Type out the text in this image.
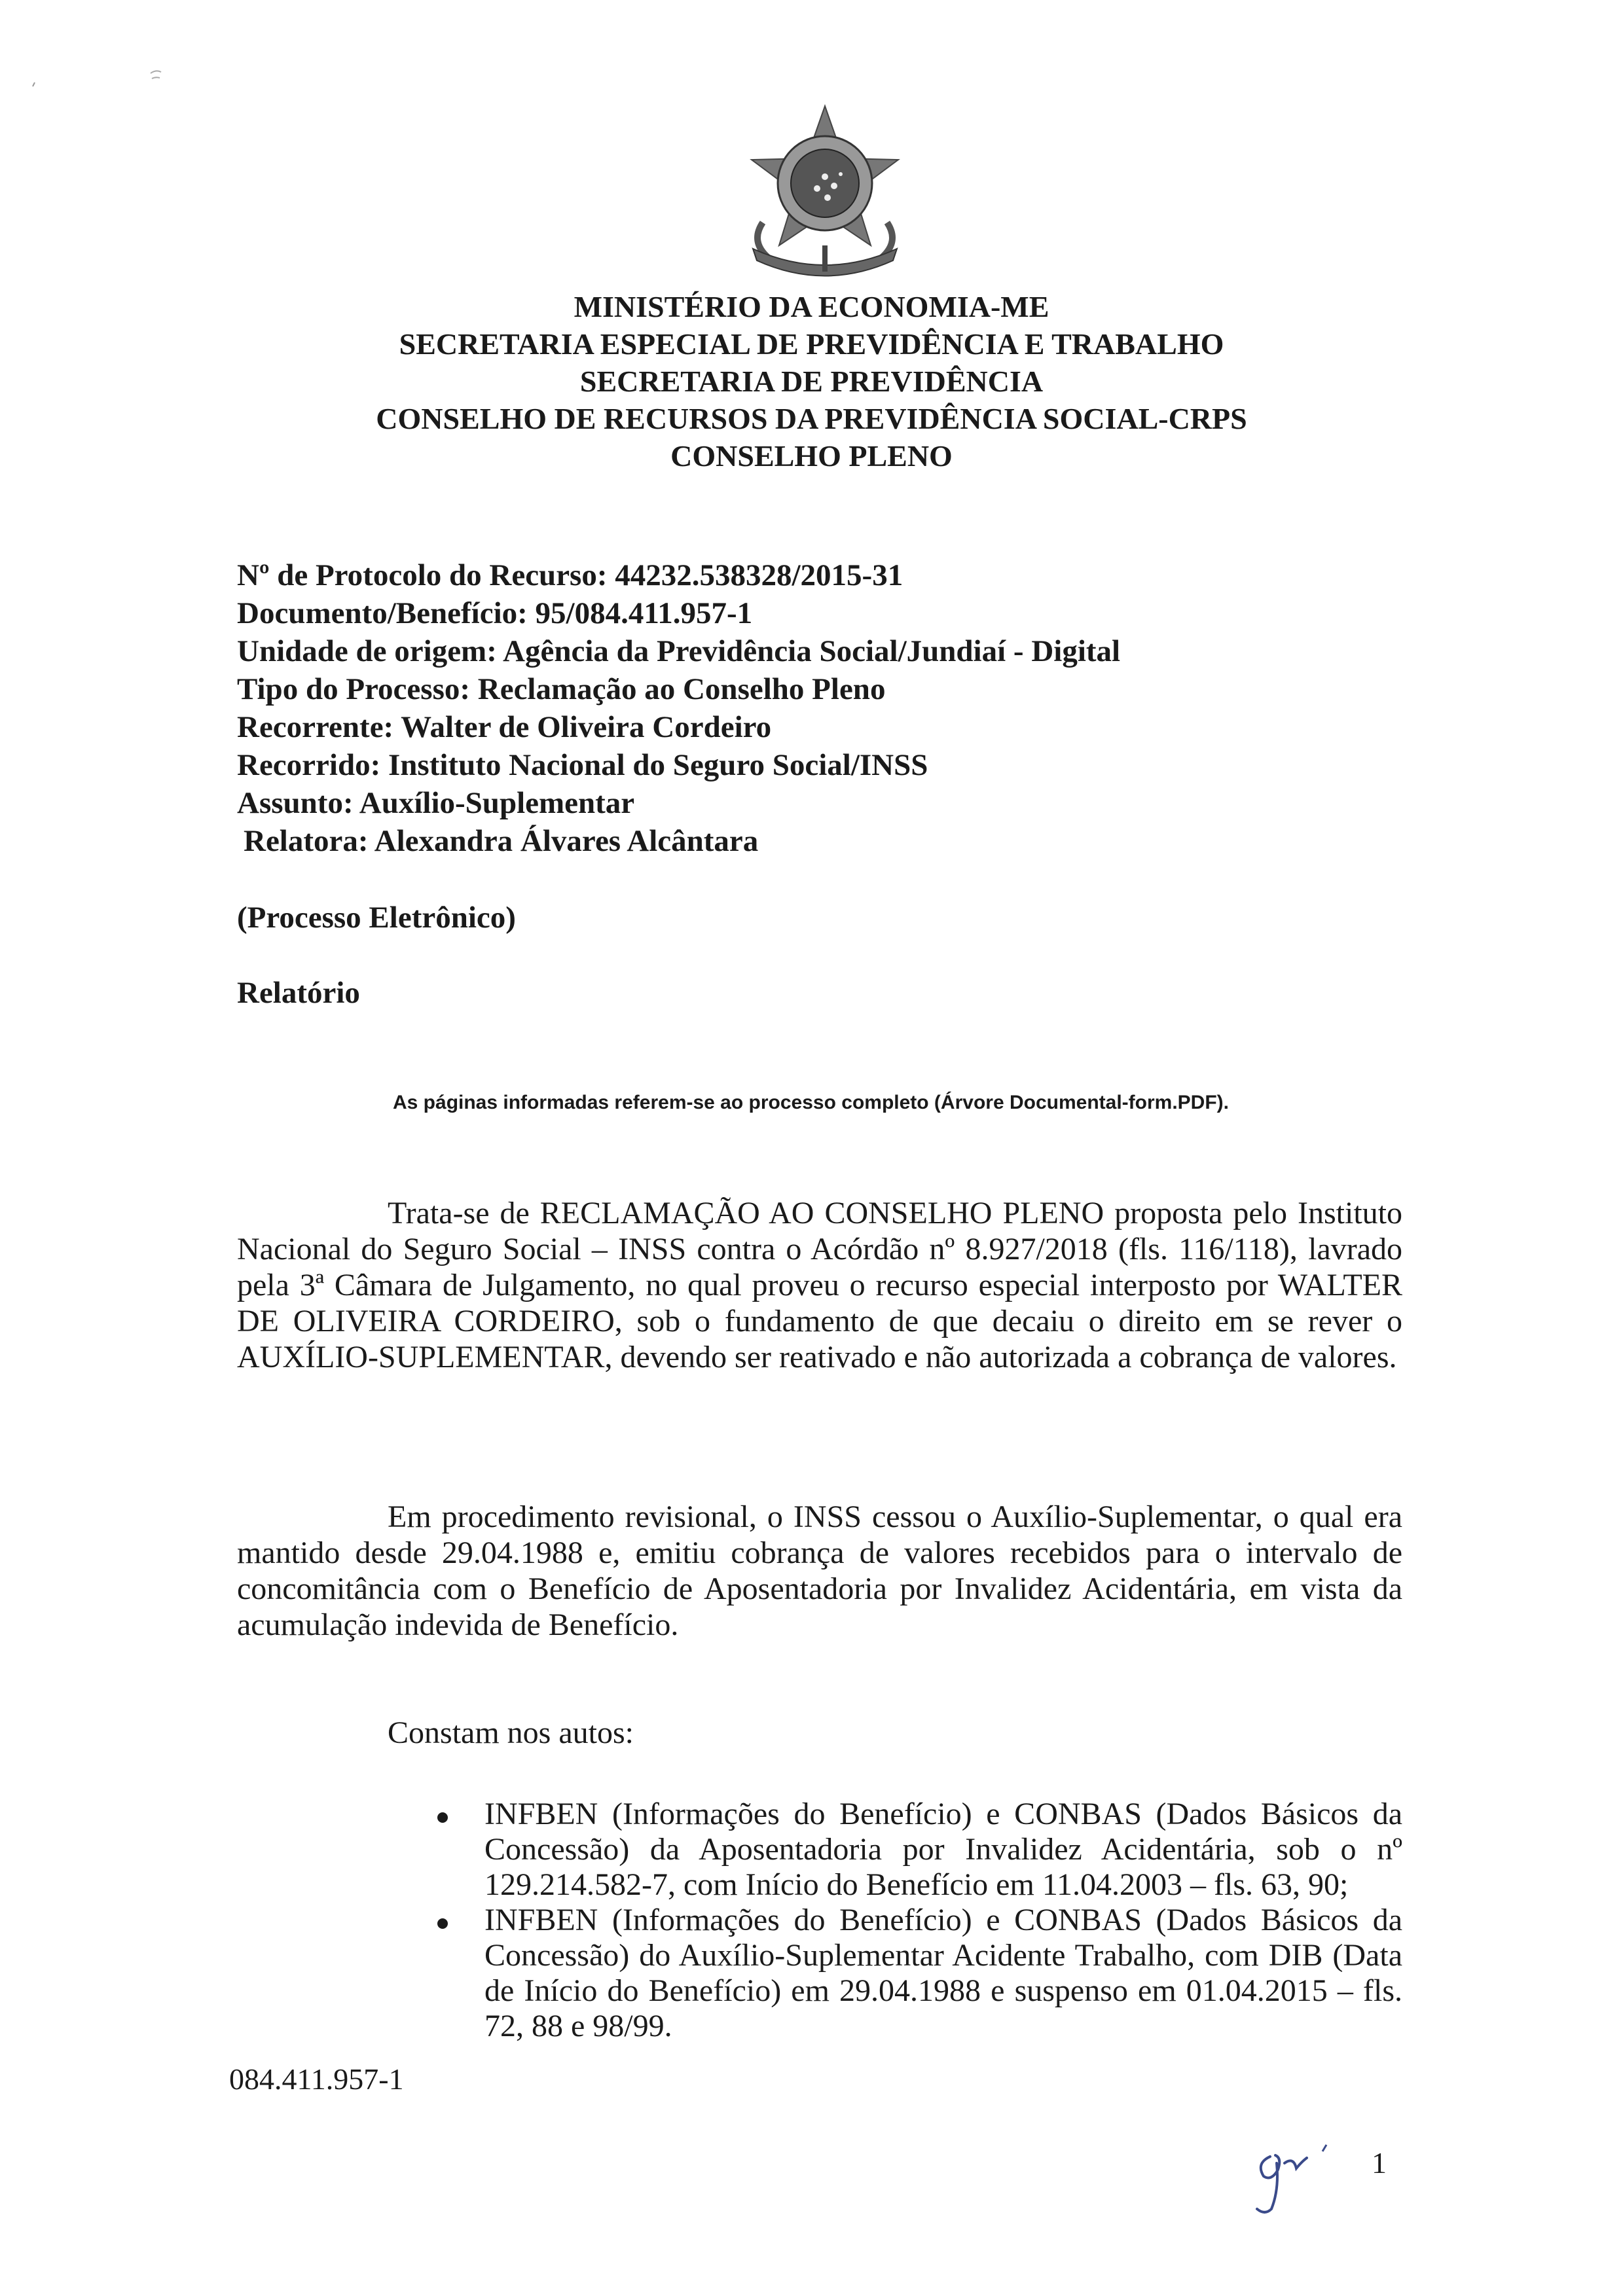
MINISTÉRIO DA ECONOMIA-ME
SECRETARIA ESPECIAL DE PREVIDÊNCIA E TRABALHO
SECRETARIA DE PREVIDÊNCIA
CONSELHO DE RECURSOS DA PREVIDÊNCIA SOCIAL-CRPS
CONSELHO PLENO
Nº de Protocolo do Recurso: 44232.538328/2015-31
Documento/Benefício: 95/084.411.957-1
Unidade de origem: Agência da Previdência Social/Jundiaí - Digital
Tipo do Processo: Reclamação ao Conselho Pleno
Recorrente: Walter de Oliveira Cordeiro
Recorrido: Instituto Nacional do Seguro Social/INSS
Assunto: Auxílio-Suplementar
Relatora: Alexandra Álvares Alcântara
(Processo Eletrônico)
Relatório
As páginas informadas referem-se ao processo completo (Árvore Documental-form.PDF).
Trata-se de RECLAMAÇÃO AO CONSELHO PLENO proposta pelo Instituto Nacional do Seguro Social – INSS contra o Acórdão nº 8.927/2018 (fls. 116/118), lavrado pela 3ª Câmara de Julgamento, no qual proveu o recurso especial interposto por WALTER DE OLIVEIRA CORDEIRO, sob o fundamento de que decaiu o direito em se rever o AUXÍLIO-SUPLEMENTAR, devendo ser reativado e não autorizada a cobrança de valores.
Em procedimento revisional, o INSS cessou o Auxílio-Suplementar, o qual era mantido desde 29.04.1988 e, emitiu cobrança de valores recebidos para o intervalo de concomitância com o Benefício de Aposentadoria por Invalidez Acidentária, em vista da acumulação indevida de Benefício.
Constam nos autos:
INFBEN (Informações do Benefício) e CONBAS (Dados Básicos da Concessão) da Aposentadoria por Invalidez Acidentária, sob o nº 129.214.582-7, com Início do Benefício em 11.04.2003 – fls. 63, 90;
INFBEN (Informações do Benefício) e CONBAS (Dados Básicos da Concessão) do Auxílio-Suplementar Acidente Trabalho, com DIB (Data de Início do Benefício) em 29.04.1988 e suspenso em 01.04.2015 – fls. 72, 88 e 98/99.
084.411.957-1
1
